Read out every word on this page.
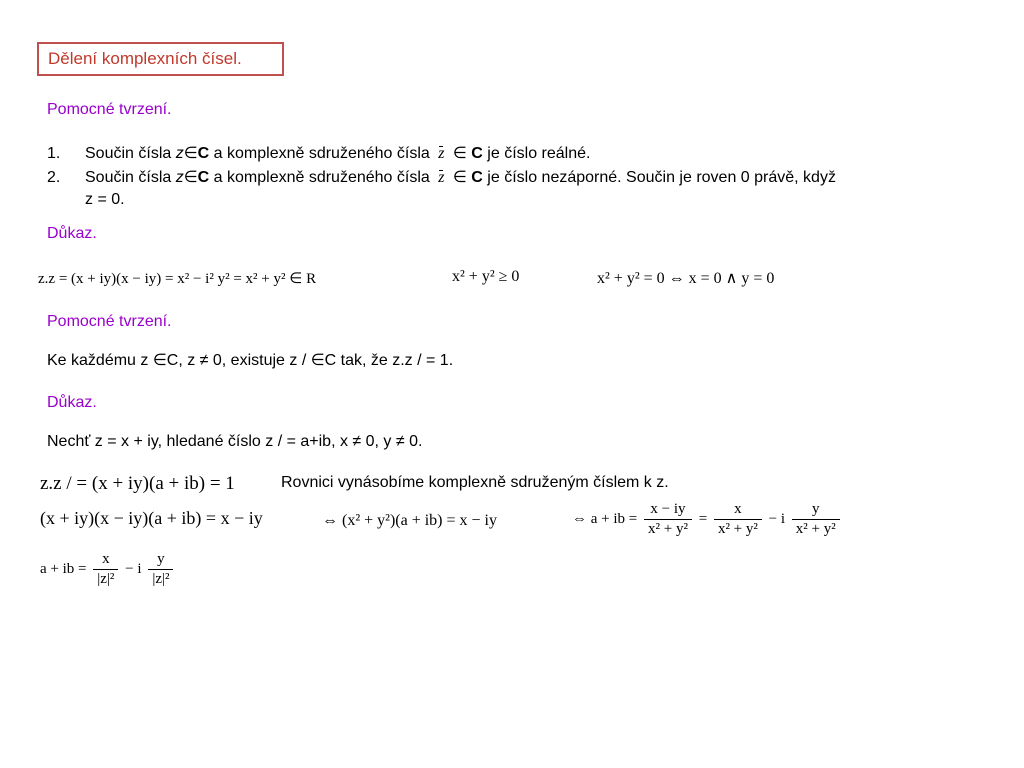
Dělení komplexních čísel.
Pomocné tvrzení.
1. Součin čísla z∈C a komplexně sdruženého čísla z ∈ C je číslo reálné.
2. Součin čísla z∈C a komplexně sdruženého čísla z ∈ C je číslo nezáporné. Součin je roven 0 právě, když
z = 0.
Důkaz.
z.z = (x + iy)(x − iy) = x² − i² y² = x² + y² ∈ R	x² + y² ≥ 0	x² + y² = 0 ⇔ x = 0 ∧ y = 0
Pomocné tvrzení.
Ke každému z ∈C, z ≠ 0, existuje z / ∈C tak, že z.z / = 1.
Důkaz.
Nechť z = x + iy, hledané číslo z / = a+ib, x ≠ 0, y ≠ 0.
z.z / = (x + iy)(a + ib) = 1	Rovnici vynásobíme komplexně sdruženým číslem k z.
(x + iy)(x − iy)(a + ib) = x − iy	⇔ (x² + y²)(a + ib) = x − iy	⇔ a + ib = $\frac{x - iy}{\text{x² + y²}} = \frac{x}{\text{x² + y²}} - i \frac{y}{\text{x² + y²}}$
a + ib = $\frac{x}{\text{|z|²}} - i \frac{y}{\text{|z|²}}$
